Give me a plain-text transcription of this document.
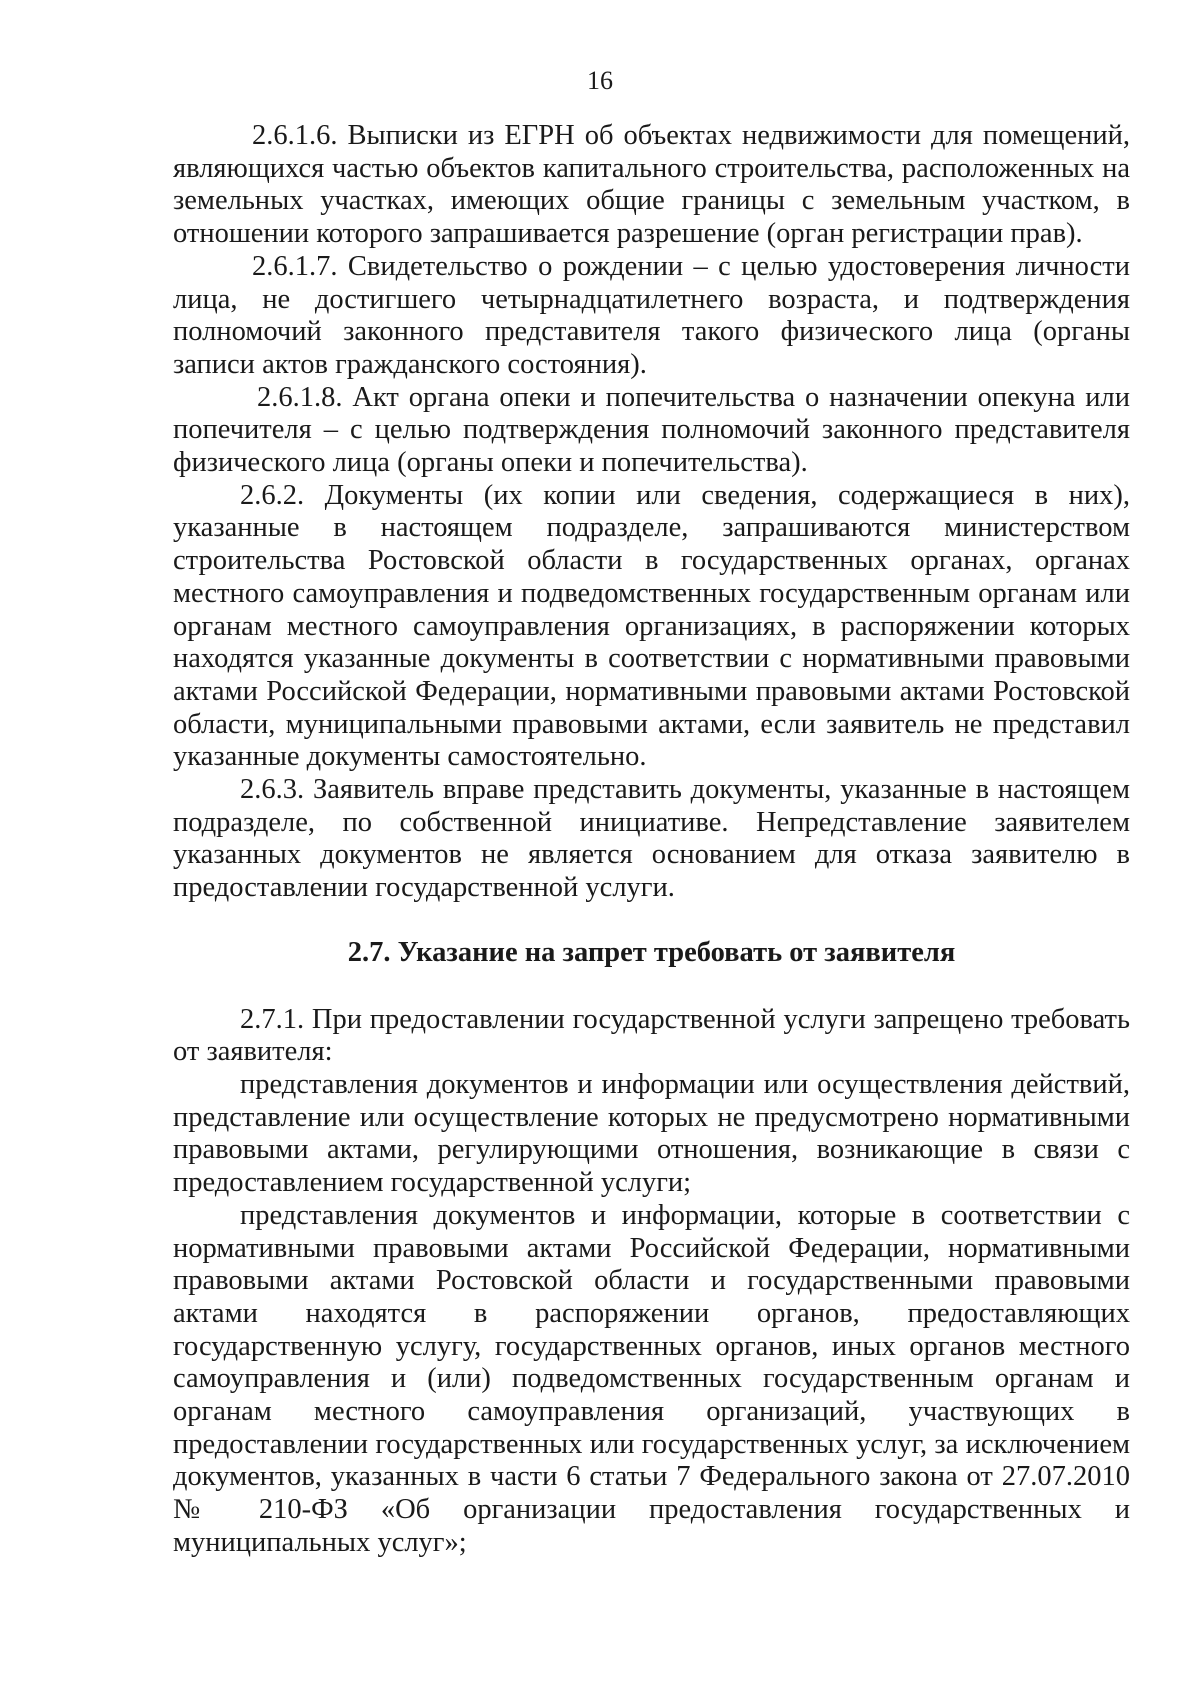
16

2.6.1.6. Выписки из ЕГРН об объектах недвижимости для помещений, являющихся частью объектов капитального строительства, расположенных на земельных участках, имеющих общие границы с земельным участком, в отношении которого запрашивается разрешение (орган регистрации прав).

2.6.1.7. Свидетельство о рождении – с целью удостоверения личности лица, не достигшего четырнадцатилетнего возраста, и подтверждения полномочий законного представителя такого физического лица (органы записи актов гражданского состояния).

2.6.1.8. Акт органа опеки и попечительства о назначении опекуна или попечителя – с целью подтверждения полномочий законного представителя физического лица (органы опеки и попечительства).

2.6.2. Документы (их копии или сведения, содержащиеся в них), указанные в настоящем подразделе, запрашиваются министерством строительства Ростовской области в государственных органах, органах местного самоуправления и подведомственных государственным органам или органам местного самоуправления организациях, в распоряжении которых находятся указанные документы в соответствии с нормативными правовыми актами Российской Федерации, нормативными правовыми актами Ростовской области, муниципальными правовыми актами, если заявитель не представил указанные документы самостоятельно.

2.6.3. Заявитель вправе представить документы, указанные в настоящем подразделе, по собственной инициативе. Непредставление заявителем указанных документов не является основанием для отказа заявителю в предоставлении государственной услуги.

2.7. Указание на запрет требовать от заявителя

2.7.1. При предоставлении государственной услуги запрещено требовать от заявителя:

представления документов и информации или осуществления действий, представление или осуществление которых не предусмотрено нормативными правовыми актами, регулирующими отношения, возникающие в связи с предоставлением государственной услуги;

представления документов и информации, которые в соответствии с нормативными правовыми актами Российской Федерации, нормативными правовыми актами Ростовской области и государственными правовыми актами находятся в распоряжении органов, предоставляющих государственную услугу, государственных органов, иных органов местного самоуправления и (или) подведомственных государственным органам и органам местного самоуправления организаций, участвующих в предоставлении государственных или государственных услуг, за исключением документов, указанных в части 6 статьи 7 Федерального закона от 27.07.2010 № 210-ФЗ «Об организации предоставления государственных и муниципальных услуг»;
